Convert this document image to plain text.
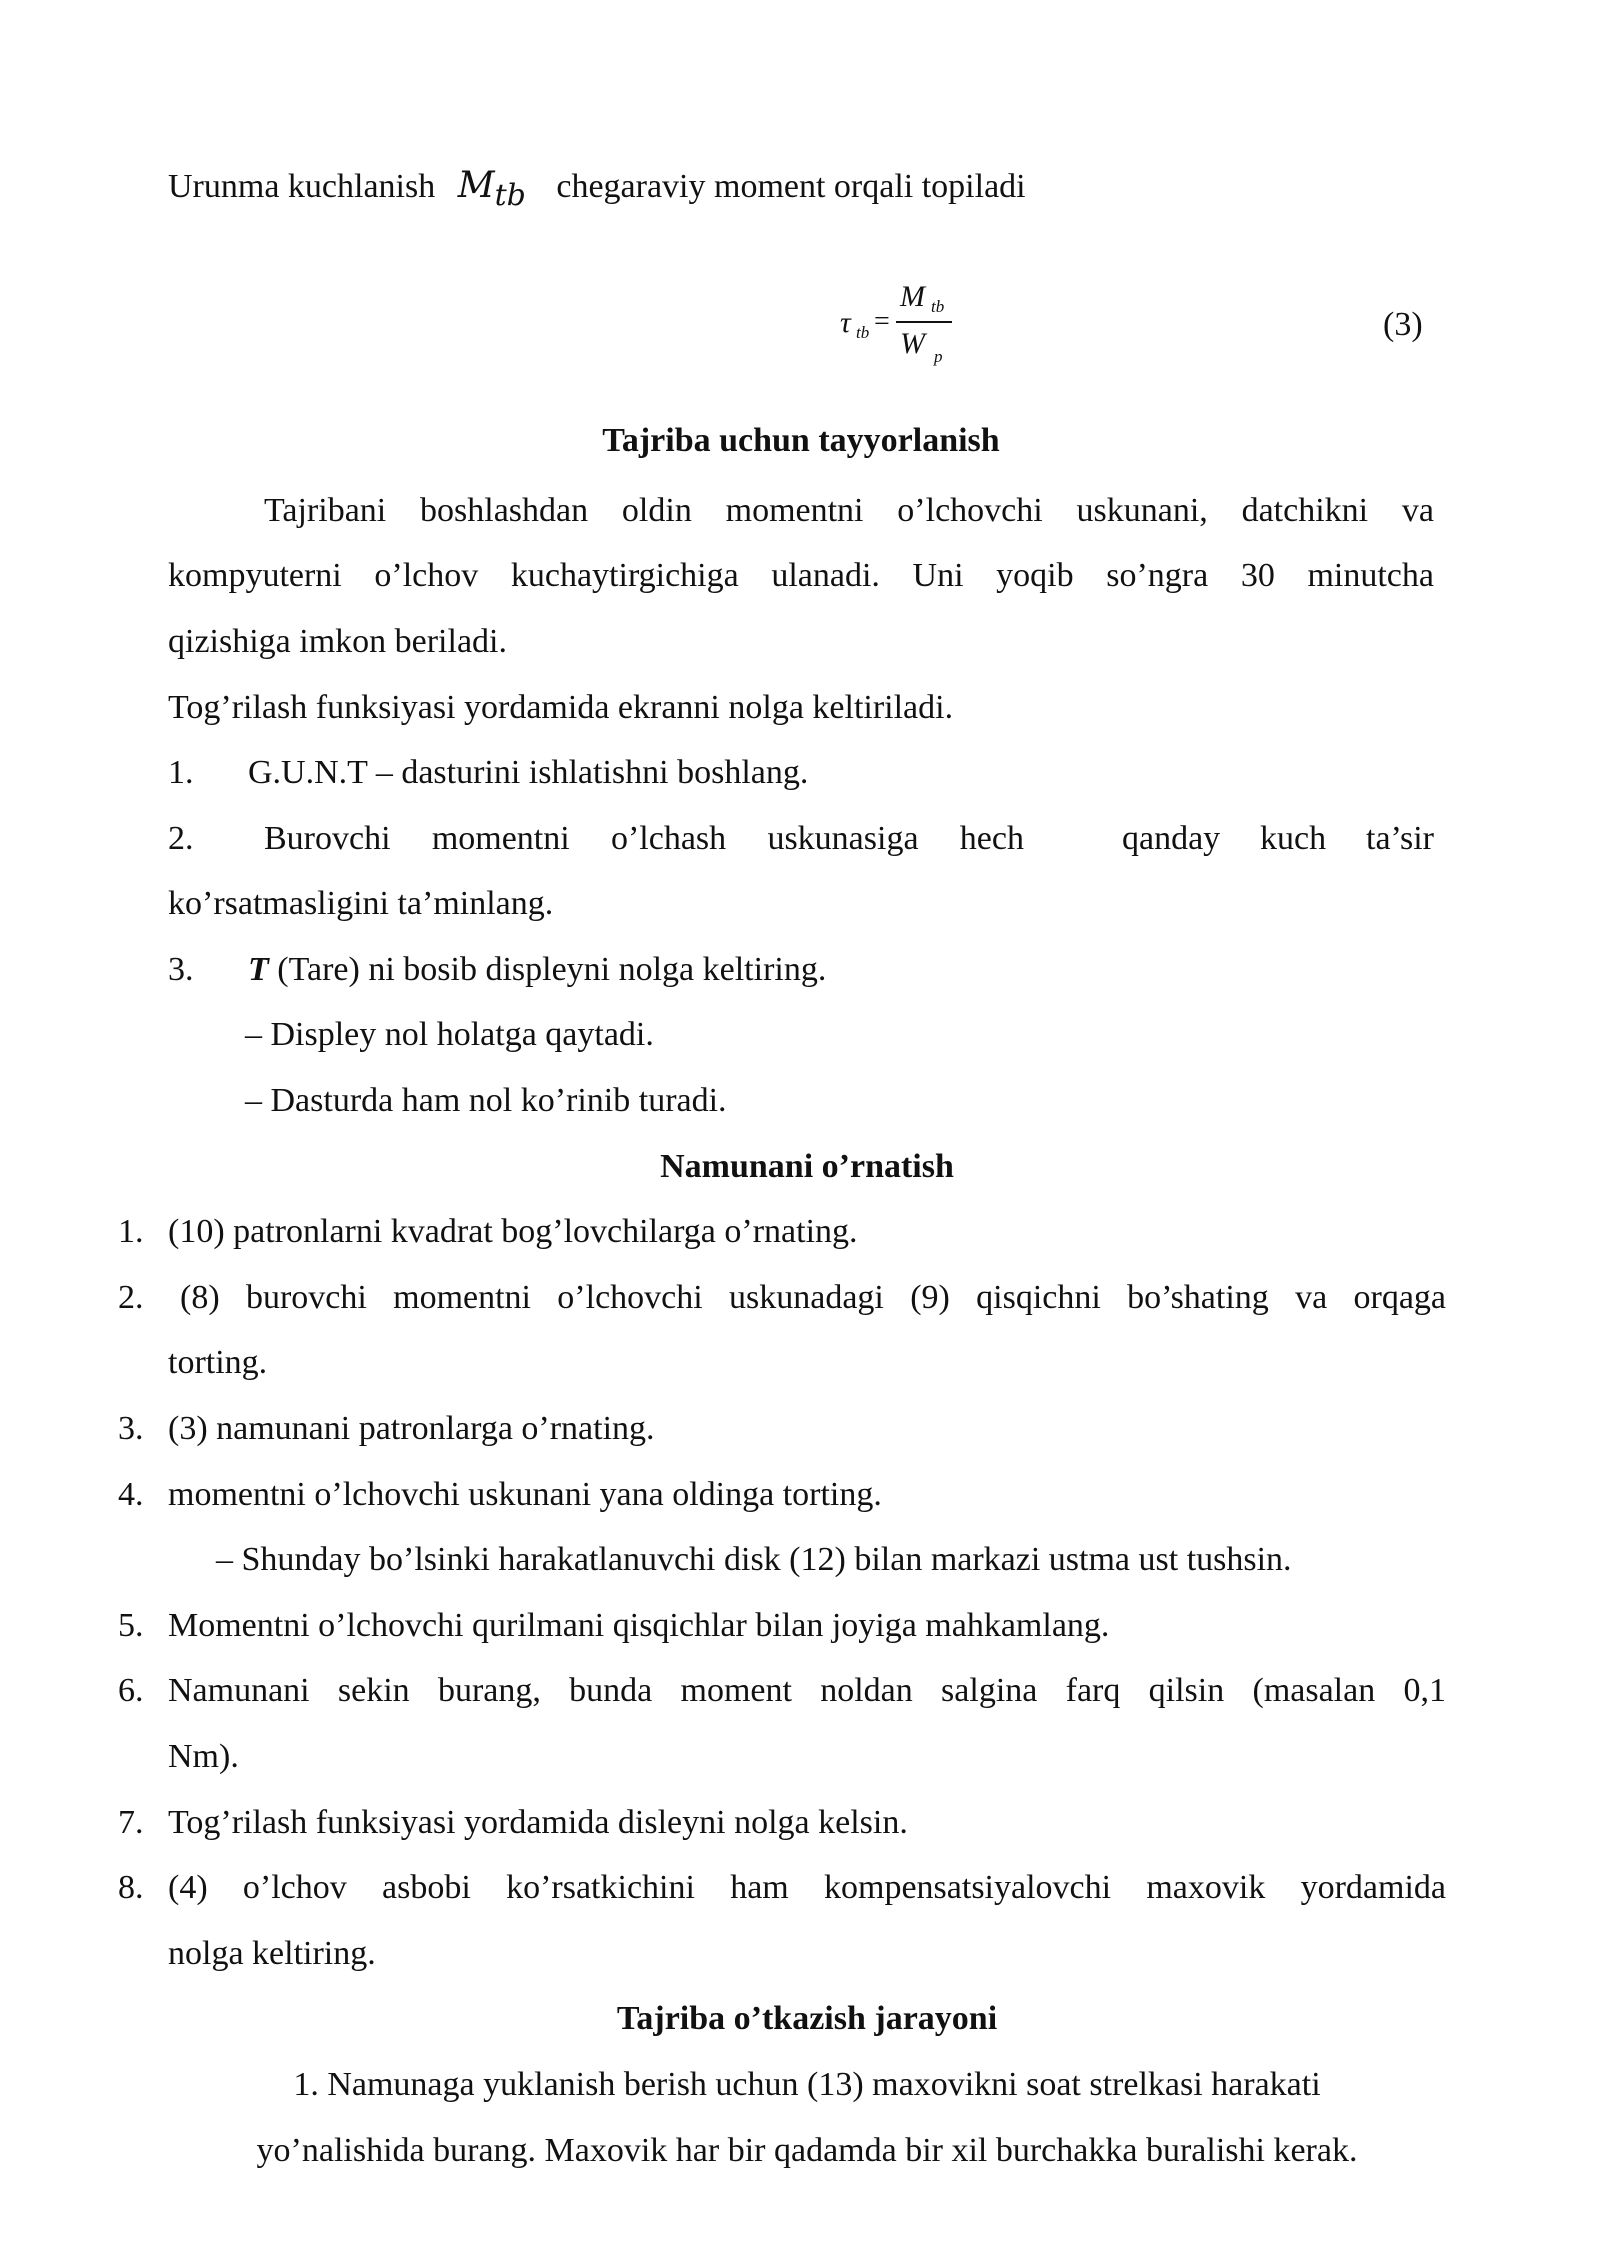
Urunma kuchlanish $M_{tb}$ chegaraviy moment orqali topiladi
τ tb =
M tb
W p
(3)
Tajriba uchun tayyorlanish
Tajribani boshlashdan oldin momentni o’lchovchi uskunani, datchikni va
kompyuterni o’lchov kuchaytirgichiga ulanadi. Uni yoqib so’ngra 30 minutcha
qizishiga imkon beriladi.
Tog’rilash funksiyasi yordamida ekranni nolga keltiriladi.
1. G.U.N.T – dasturini ishlatishni boshlang.
2. Burovchi momentni o’lchash uskunasiga hech	qanday kuch ta’sir
ko’rsatmasligini ta’minlang.
3. T (Tare) ni bosib displeyni nolga keltiring.
– Displey nol holatga qaytadi.
– Dasturda ham nol ko’rinib turadi.
Namunani o’rnatish
1. (10) patronlarni kvadrat bog’lovchilarga o’rnating.
2. (8) burovchi momentni o’lchovchi uskunadagi (9) qisqichni bo’shating va orqaga
torting.
3. (3) namunani patronlarga o’rnating.
4. momentni o’lchovchi uskunani yana oldinga torting.
– Shunday bo’lsinki harakatlanuvchi disk (12) bilan markazi ustma ust tushsin.
5. Momentni o’lchovchi qurilmani qisqichlar bilan joyiga mahkamlang.
6. Namunani sekin burang, bunda moment noldan salgina farq qilsin (masalan 0,1
Nm).
7. Tog’rilash funksiyasi yordamida disleyni nolga kelsin.
8. (4) o’lchov asbobi ko’rsatkichini ham kompensatsiyalovchi maxovik yordamida
nolga keltiring.
Tajriba o’tkazish jarayoni
1. Namunaga yuklanish berish uchun (13) maxovikni soat strelkasi harakati
yo’nalishida burang. Maxovik har bir qadamda bir xil burchakka buralishi kerak.
